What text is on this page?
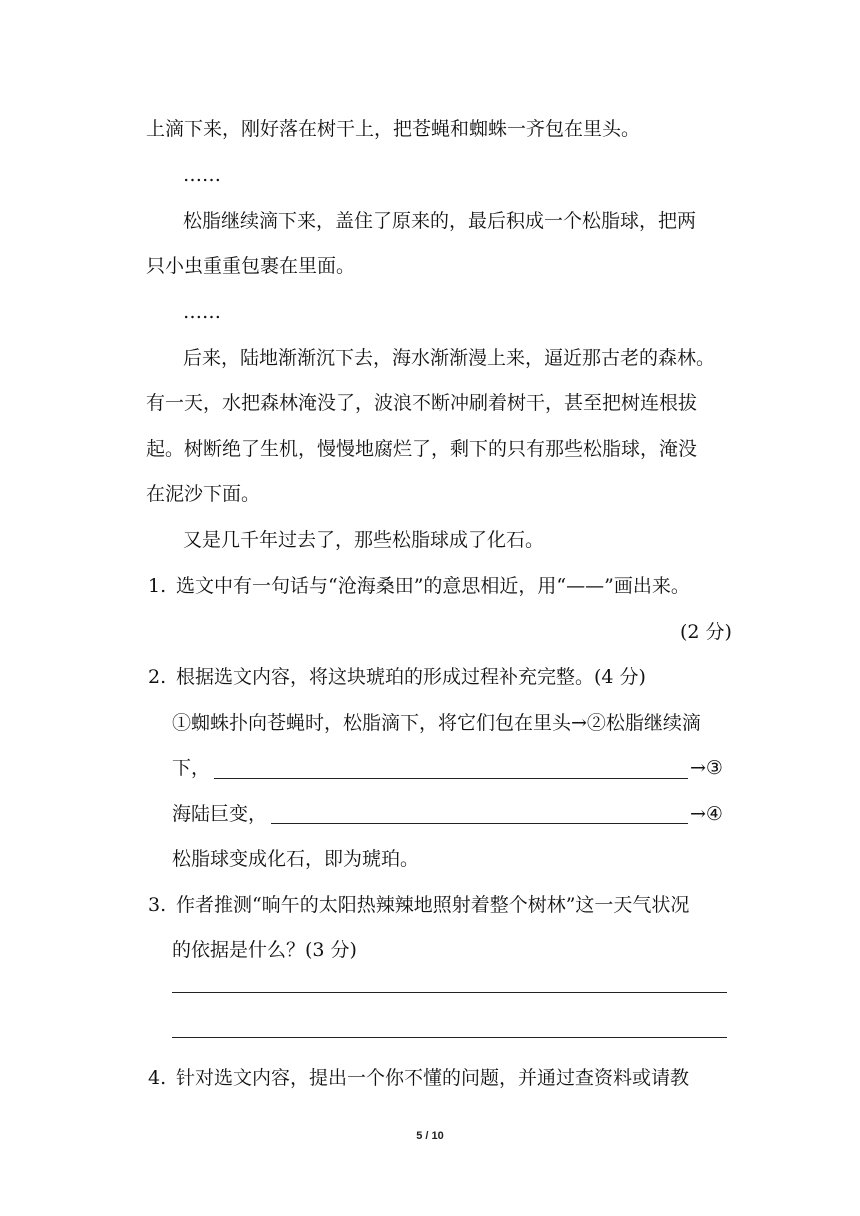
上滴下来，刚好落在树干上，把苍蝇和蜘蛛一齐包在里头。
……
松脂继续滴下来，盖住了原来的，最后积成一个松脂球，把两
只小虫重重包裹在里面。
……
后来，陆地渐渐沉下去，海水渐渐漫上来，逼近那古老的森林。
有一天，水把森林淹没了，波浪不断冲刷着树干，甚至把树连根拔
起。树断绝了生机，慢慢地腐烂了，剩下的只有那些松脂球，淹没
在泥沙下面。
又是几千年过去了，那些松脂球成了化石。
1. 选文中有一句话与“沧海桑田”的意思相近，用“——”画出来。
(2 分)
2. 根据选文内容，将这块琥珀的形成过程补充完整。(4 分)
①蜘蛛扑向苍蝇时，松脂滴下，将它们包在里头→②松脂继续滴
下，	→③
海陆巨变，	→④
松脂球变成化石，即为琥珀。
3. 作者推测“晌午的太阳热辣辣地照射着整个树林”这一天气状况
的依据是什么？(3 分)
4. 针对选文内容，提出一个你不懂的问题，并通过查资料或请教
5 / 10
